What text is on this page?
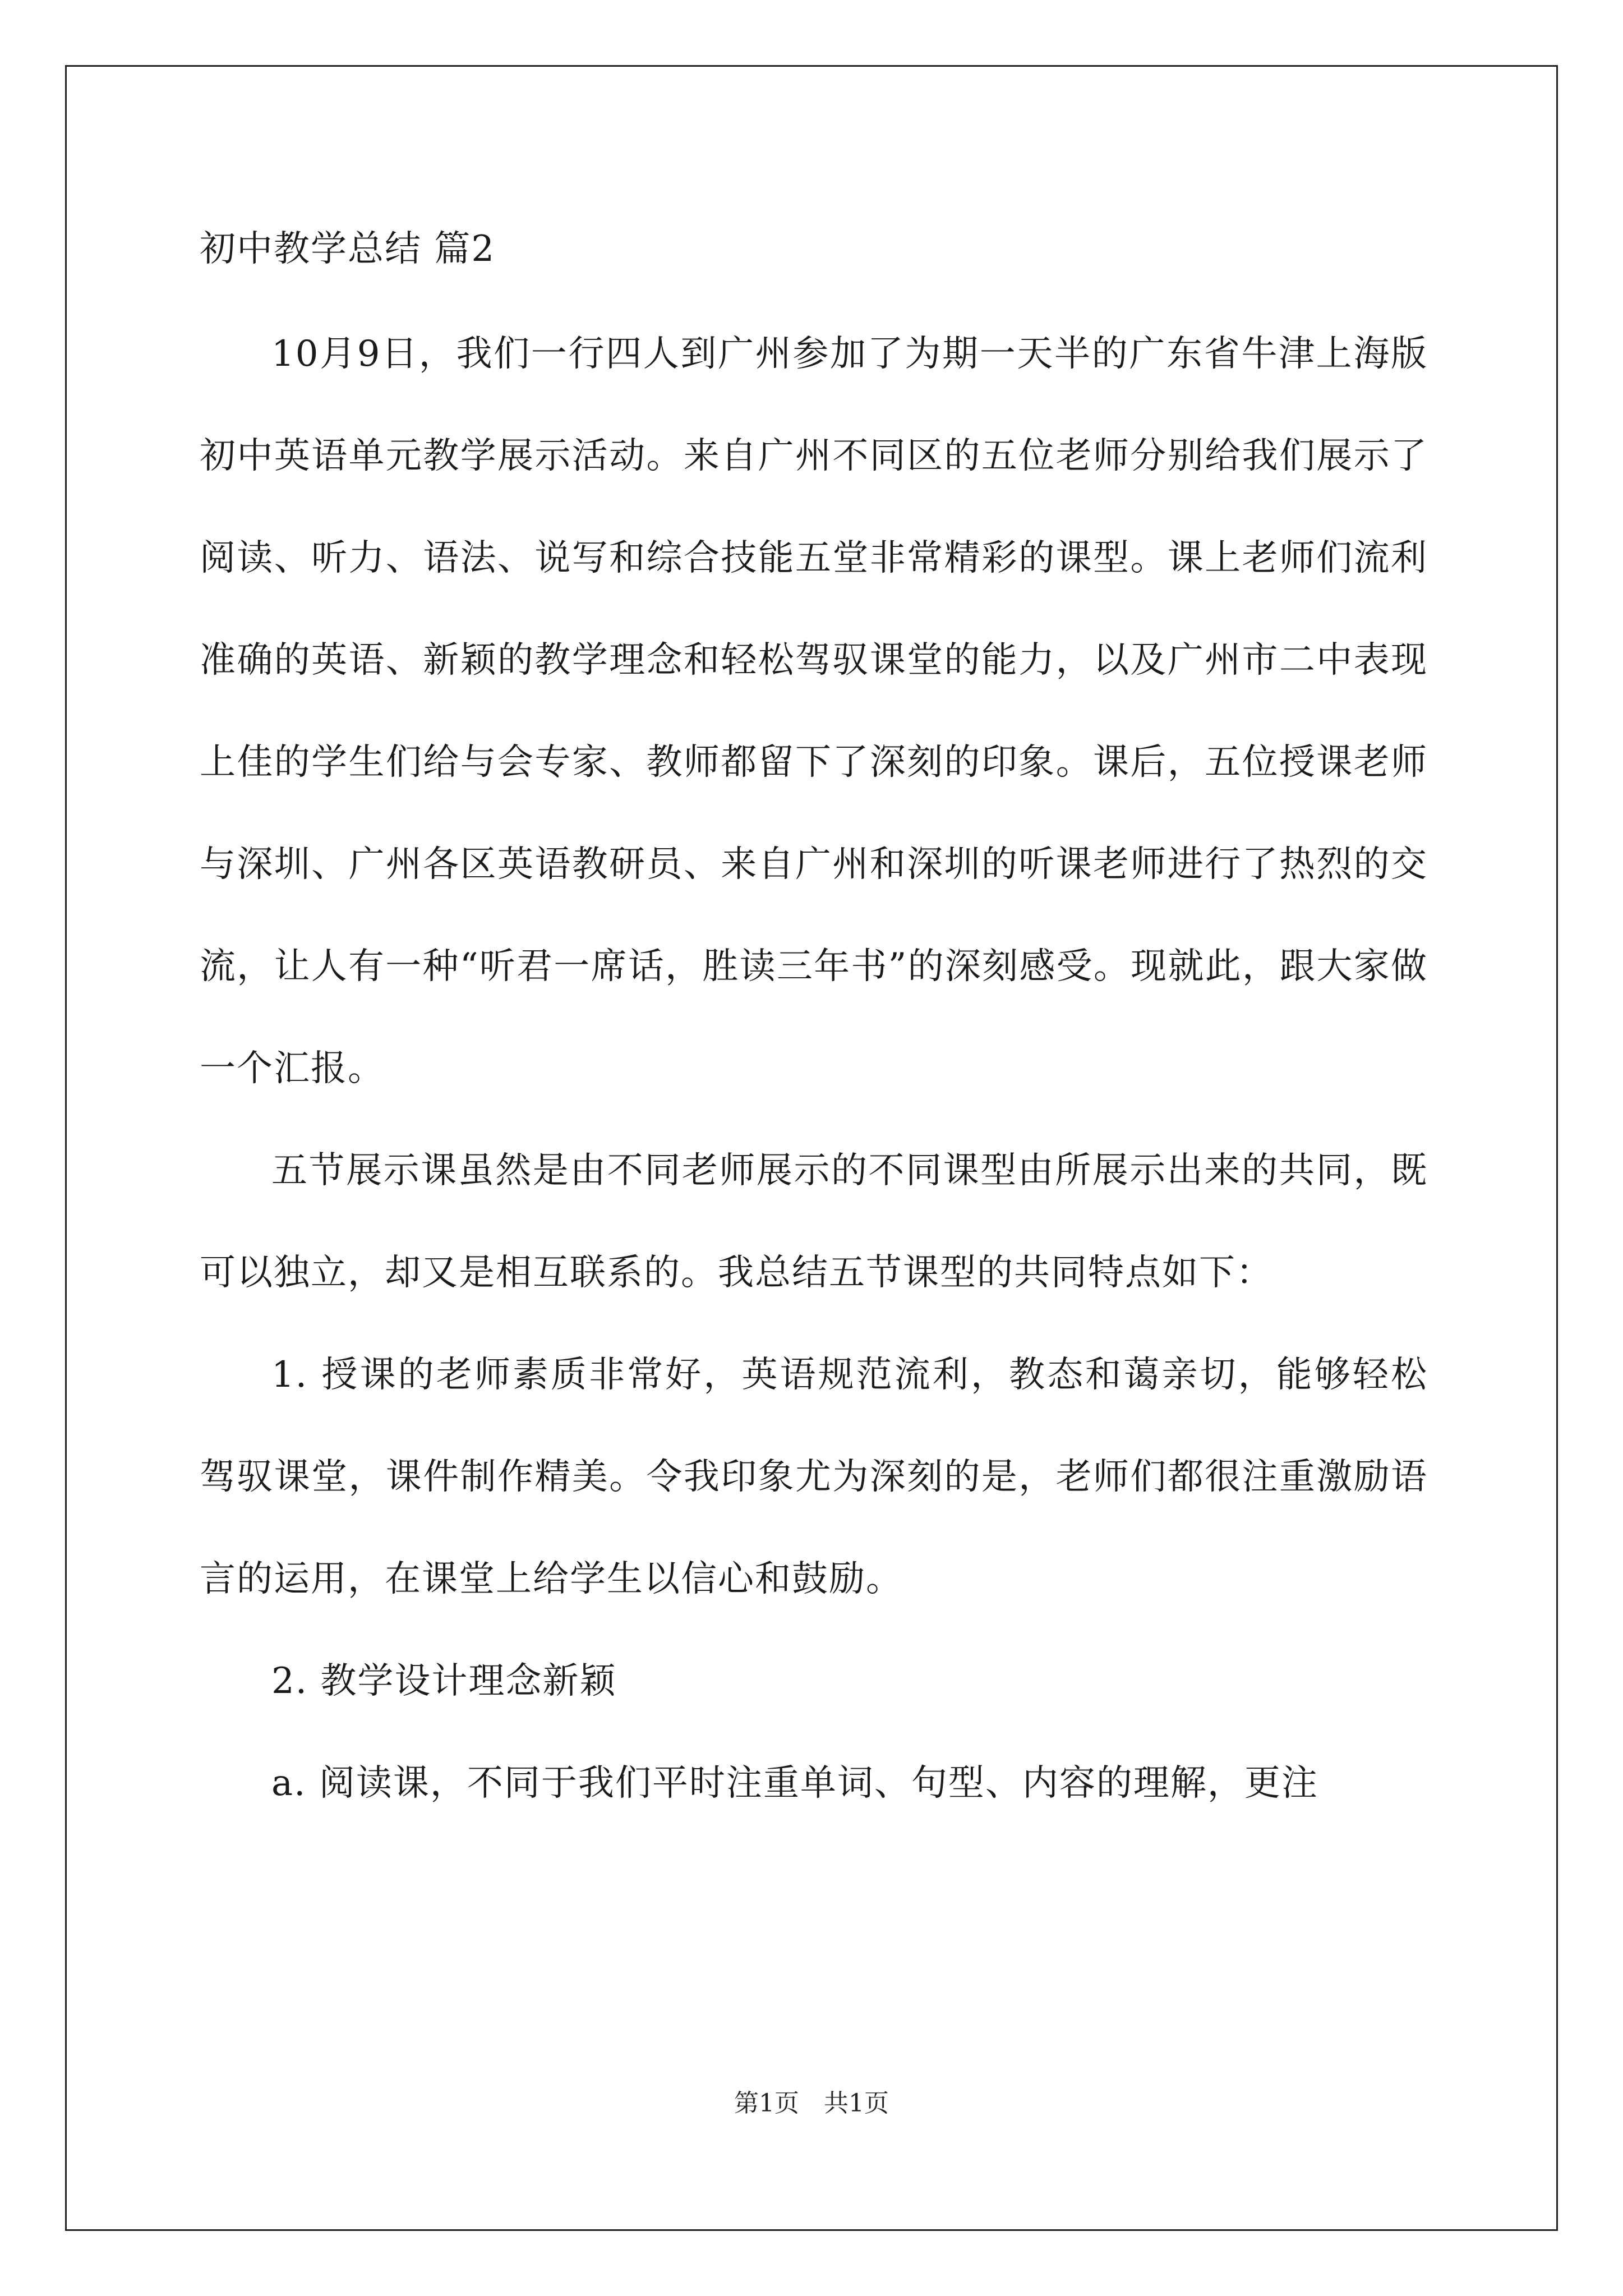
初中教学总结 篇2

10月9日，我们一行四人到广州参加了为期一天半的广东省牛津上海版初中英语单元教学展示活动。来自广州不同区的五位老师分别给我们展示了阅读、听力、语法、说写和综合技能五堂非常精彩的课型。课上老师们流利准确的英语、新颖的教学理念和轻松驾驭课堂的能力，以及广州市二中表现上佳的学生们给与会专家、教师都留下了深刻的印象。课后，五位授课老师与深圳、广州各区英语教研员、来自广州和深圳的听课老师进行了热烈的交流，让人有一种“听君一席话，胜读三年书”的深刻感受。现就此，跟大家做一个汇报。

五节展示课虽然是由不同老师展示的不同课型由所展示出来的共同，既可以独立，却又是相互联系的。我总结五节课型的共同特点如下：

1. 授课的老师素质非常好，英语规范流利，教态和蔼亲切，能够轻松驾驭课堂，课件制作精美。令我印象尤为深刻的是，老师们都很注重激励语言的运用，在课堂上给学生以信心和鼓励。

2. 教学设计理念新颖

a. 阅读课，不同于我们平时注重单词、句型、内容的理解，更注

第1页　共1页
